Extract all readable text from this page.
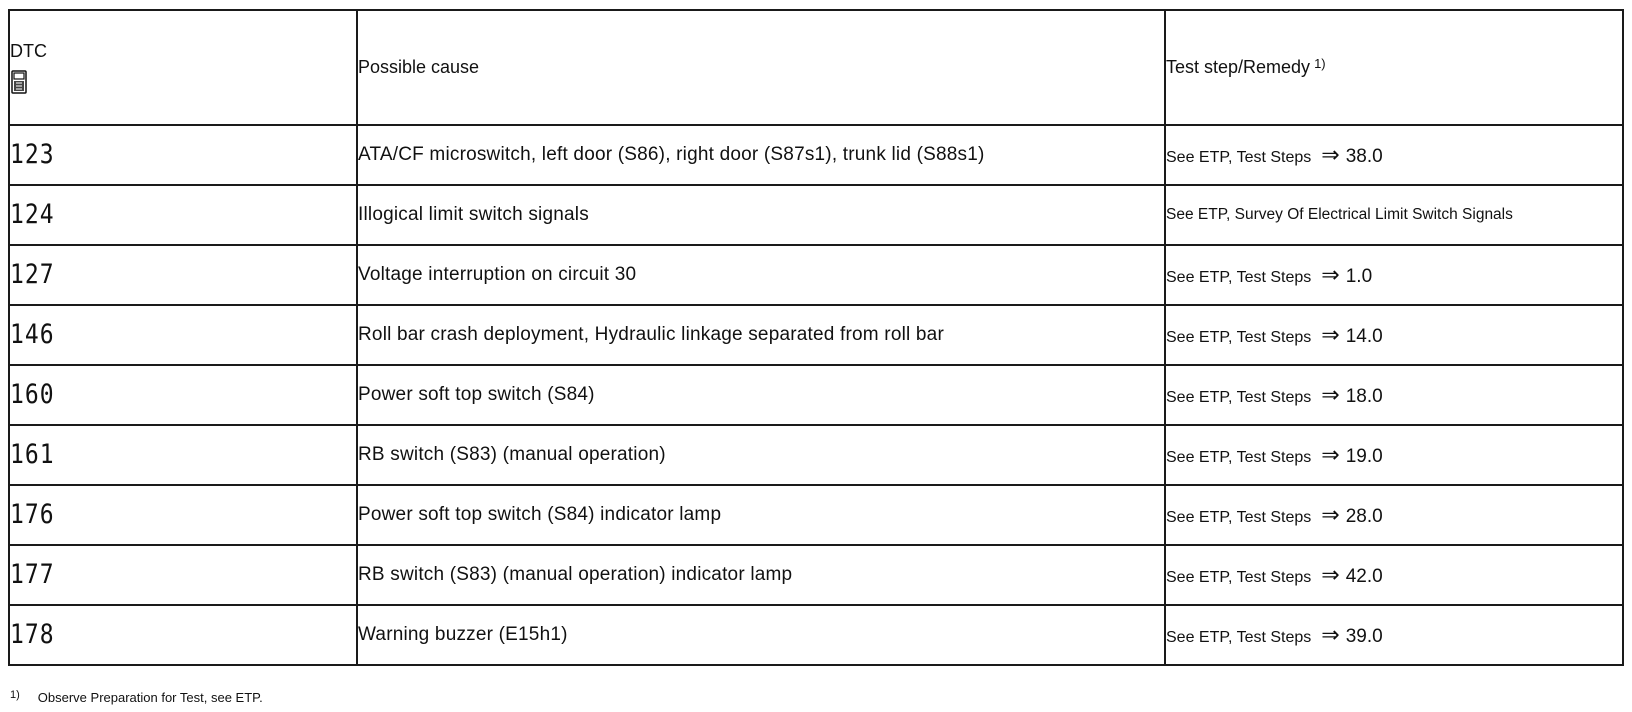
DTC	Possible cause	Test step/Remedy $^{1)}$
123	ATA/CF microswitch, left door (S86), right door (S87s1), trunk lid (S88s1)	See ETP, Test Steps ⇒ 38.0
124	Illogical limit switch signals	See ETP, Survey Of Electrical Limit Switch Signals
127	Voltage interruption on circuit 30	See ETP, Test Steps ⇒ 1.0
146	Roll bar crash deployment, Hydraulic linkage separated from roll bar	See ETP, Test Steps ⇒ 14.0
160	Power soft top switch (S84)	See ETP, Test Steps ⇒ 18.0
161	RB switch (S83) (manual operation)	See ETP, Test Steps ⇒ 19.0
176	Power soft top switch (S84) indicator lamp	See ETP, Test Steps ⇒ 28.0
177	RB switch (S83) (manual operation) indicator lamp	See ETP, Test Steps ⇒ 42.0
178	Warning buzzer (E15h1)	See ETP, Test Steps ⇒ 39.0
$^{1)}$ Observe Preparation for Test, see ETP.
